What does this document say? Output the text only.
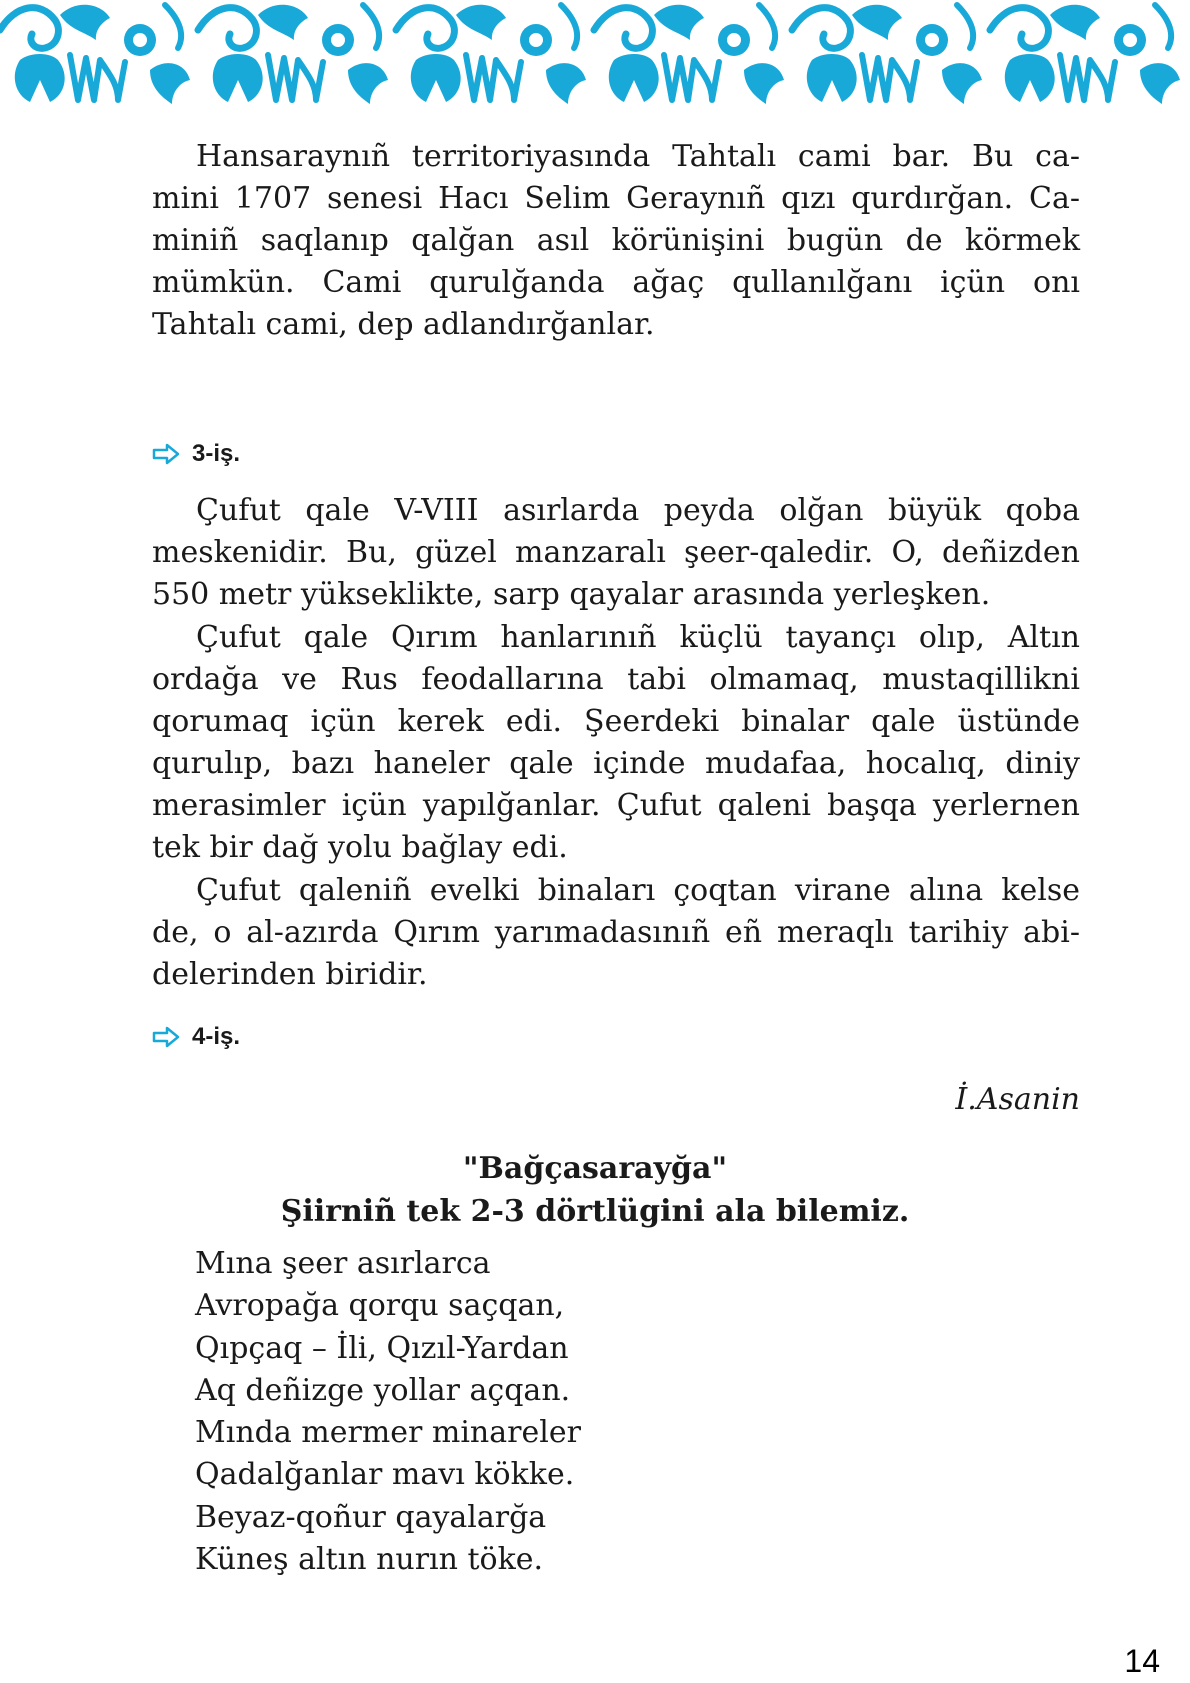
Hansaraynıñ territoriyasında Tahtalı cami bar. Bu ca-
mini 1707 senesi Hacı Selim Geraynıñ qızı qurdırğan. Ca-
miniñ saqlanıp qalğan asıl körünişini bugün de körmek
mümkün. Cami qurulğanda ağaç qullanılğanı içün onı
Tahtalı cami, dep adlandırğanlar.

3-iş.

Çufut qale V-VIII asırlarda peyda olğan büyük qoba
meskenidir. Bu, güzel manzaralı şeer-qaledir. O, deñizden
550 metr yükseklikte, sarp qayalar arasında yerleşken.

Çufut qale Qırım hanlarınıñ küçlü tayançı olıp, Altın
ordağa ve Rus feodallarına tabi olmamaq, mustaqillikni
qorumaq içün kerek edi. Şeerdeki binalar qale üstünde
qurulıp, bazı haneler qale içinde mudafaa, hocalıq, diniy
merasimler içün yapılğanlar. Çufut qaleni başqa yerlernen
tek bir dağ yolu bağlay edi.

Çufut qaleniñ evelki binaları çoqtan virane alına kelse
de, o al-azırda Qırım yarımadasınıñ eñ meraqlı tarihiy abi-
delerinden biridir.

4-iş.
İ.Asanin
"Bağçasarayğa"
Şiirniñ tek 2-3 dörtlügini ala bilemiz.
Mına şeer asırlarca
Avropağa qorqu saçqan,
Qıpçaq – İli, Qızıl-Yardan
Aq deñizge yollar açqan.
Mında mermer minareler
Qadalğanlar mavı kökke.
Beyaz-qoñur qayalarğa
Küneş altın nurın töke.
14
